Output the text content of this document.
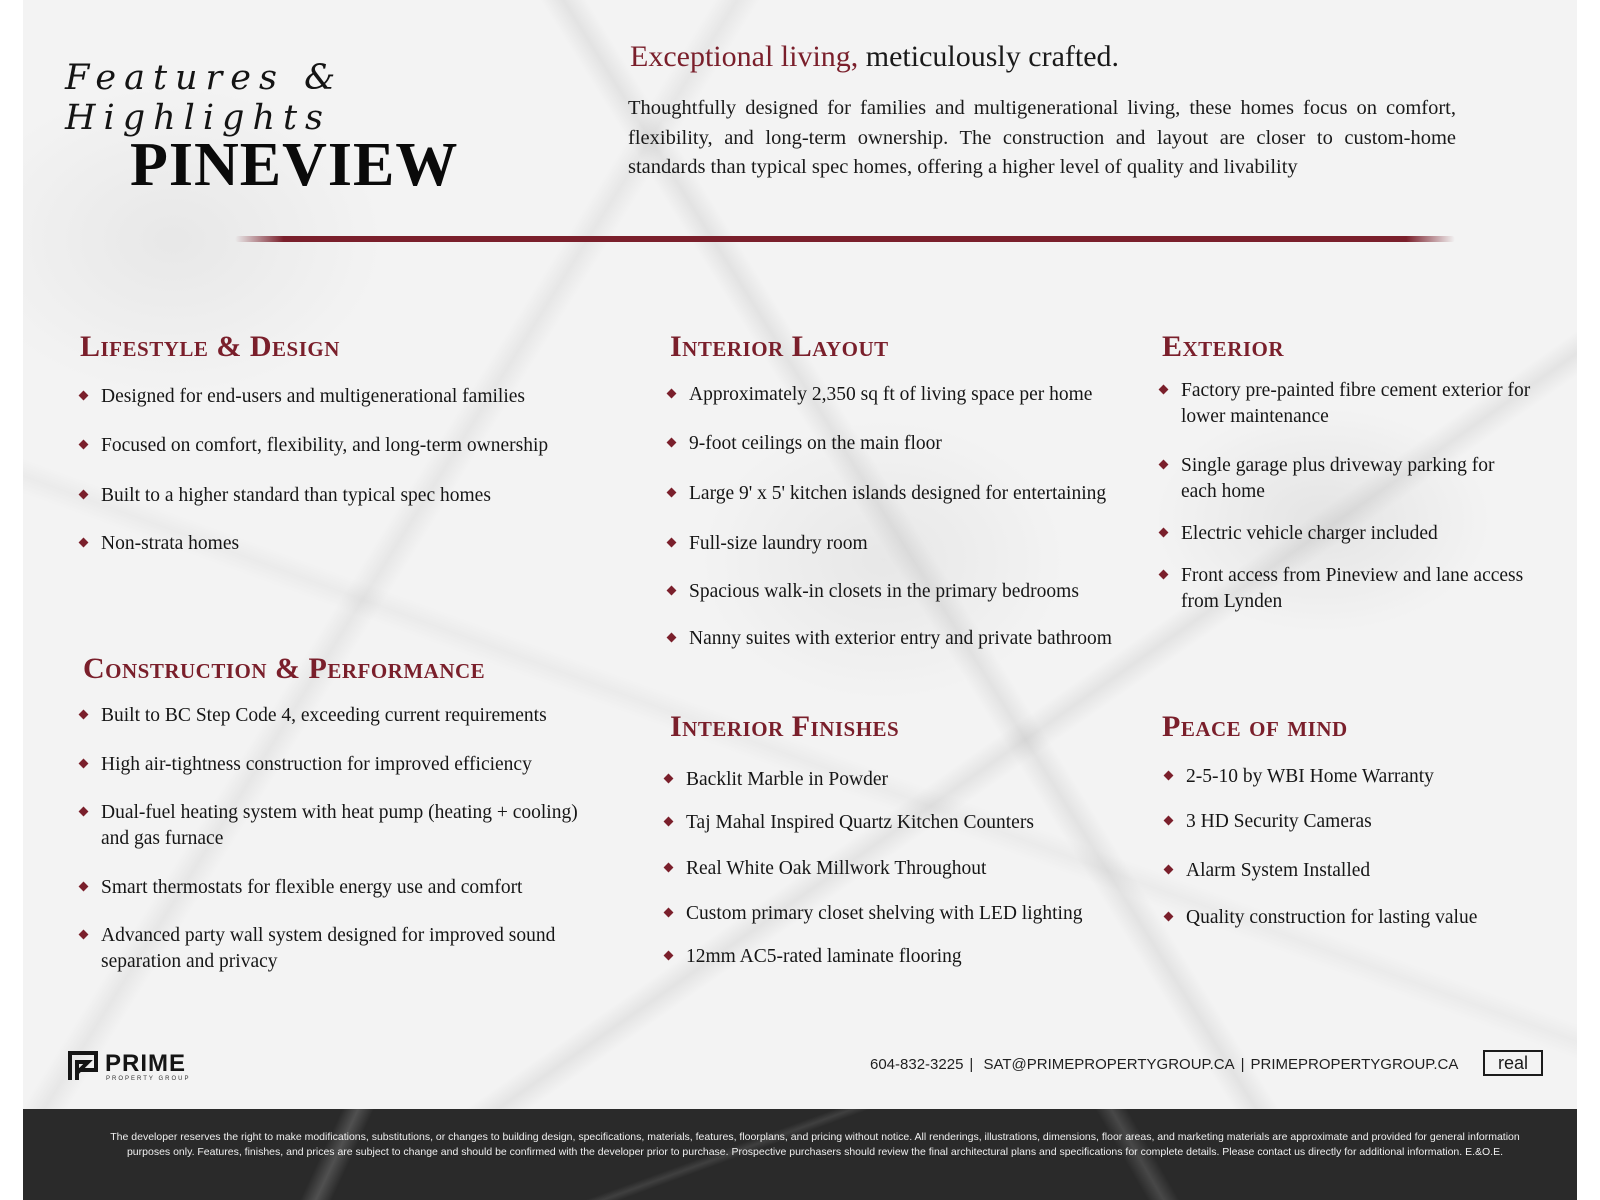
Features & Highlights
PINEVIEW
Exceptional living, meticulously crafted.
Thoughtfully designed for families and multigenerational living, these homes focus on comfort, flexibility, and long-term ownership. The construction and layout are closer to custom-home standards than typical spec homes, offering a higher level of quality and livability
Lifestyle & Design
Designed for end-users and multigenerational families
Focused on comfort, flexibility, and long-term ownership
Built to a higher standard than typical spec homes
Non-strata homes
Construction & Performance
Built to BC Step Code 4, exceeding current requirements
High air-tightness construction for improved efficiency
Dual-fuel heating system with heat pump (heating + cooling) and gas furnace
Smart thermostats for flexible energy use and comfort
Advanced party wall system designed for improved sound separation and privacy
Interior Layout
Approximately 2,350 sq ft of living space per home
9-foot ceilings on the main floor
Large 9' x 5' kitchen islands designed for entertaining
Full-size laundry room
Spacious walk-in closets in the primary bedrooms
Nanny suites with exterior entry and private bathroom
Interior Finishes
Backlit Marble in Powder
Taj Mahal Inspired Quartz Kitchen Counters
Real White Oak Millwork Throughout
Custom primary closet shelving with LED lighting
12mm AC5-rated laminate flooring
Exterior
Factory pre-painted fibre cement exterior for lower maintenance
Single garage plus driveway parking for each home
Electric vehicle charger included
Front access from Pineview and lane access from Lynden
Peace of mind
2-5-10 by WBI Home Warranty
3 HD Security Cameras
Alarm System Installed
Quality construction for lasting value
PRIME
PROPERTY GROUP
604-832-3225 | SAT@PRIMEPROPERTYGROUP.CA | PRIMEPROPERTYGROUP.CA	real
The developer reserves the right to make modifications, substitutions, or changes to building design, specifications, materials, features, floorplans, and pricing without notice. All renderings, illustrations, dimensions, floor areas, and marketing materials are approximate and provided for general information purposes only. Features, finishes, and prices are subject to change and should be confirmed with the developer prior to purchase. Prospective purchasers should review the final architectural plans and specifications for complete details. Please contact us directly for additional information. E.&O.E.
